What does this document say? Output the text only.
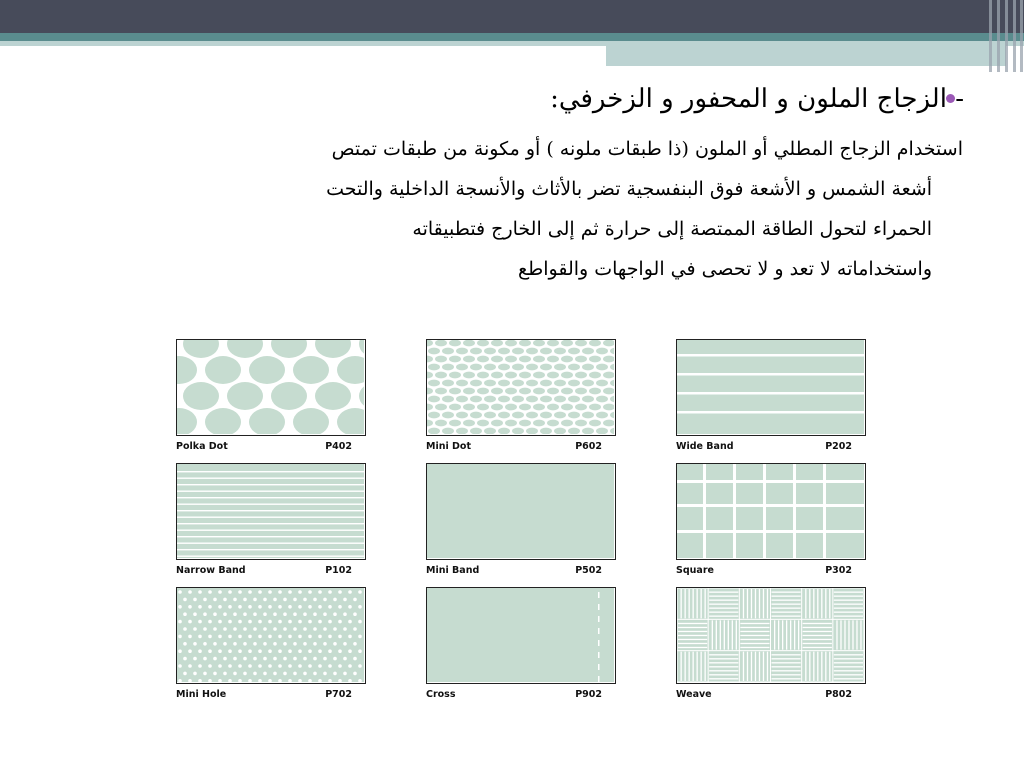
- الزجاج الملون و المحفور و الزخرفي:
استخدام الزجاج المطلي أو الملون (ذا طبقات ملونه ) أو مكونة من طبقات تمتص
أشعة الشمس و الأشعة فوق البنفسجية تضر بالأثاث والأنسجة الداخلية والتحت
الحمراء لتحول الطاقة الممتصة إلى حرارة ثم إلى الخارج فتطبيقاته
واستخداماته لا تعد و لا تحصى في الواجهات والقواطع
Polka Dot	P402	Mini Dot	P602	Wide Band	P202
Narrow Band	P102	Mini Band	P502	Square	P302
Mini Hole	P702	Cross	P902	Weave	P802
